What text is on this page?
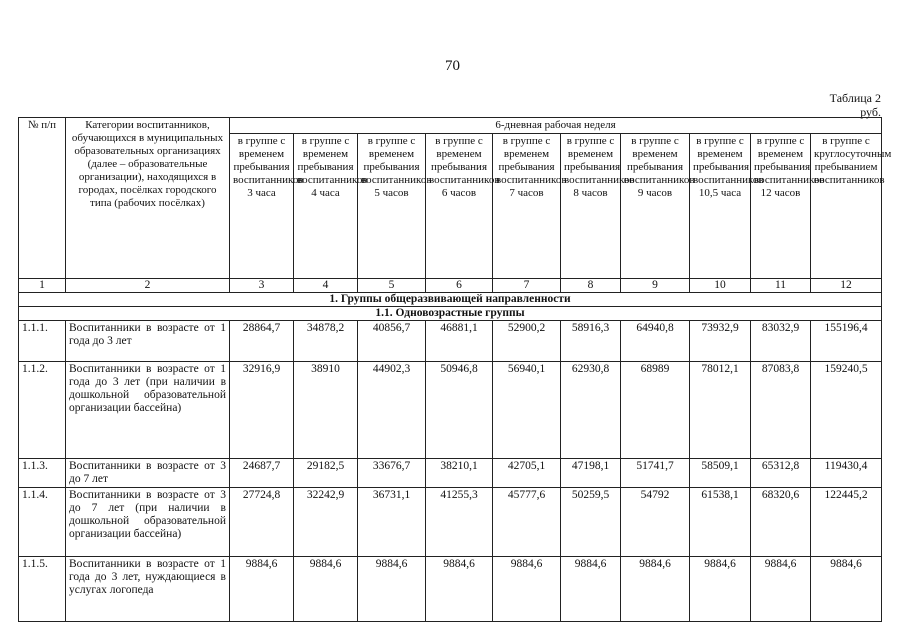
70
Таблица 2
руб.
№ п/п	Категории воспитанников, обучающихся в муниципальных образовательных организациях (далее – образовательные организации), находящихся в городах, посёлках городского типа (рабочих посёлках)	6-дневная рабочая неделя									
		в группе с временем пребывания воспитанников 3 часа	в группе с временем пребывания воспитанников 4 часа	в группе с временем пребывания воспитанников 5 часов	в группе с временем пребывания воспитанников 6 часов	в группе с временем пребывания воспитанников 7 часов	в группе с временем пребывания воспитанников 8 часов	в группе с временем пребывания воспитанников 9 часов	в группе с временем пребывания воспитанников 10,5 часа	в группе с временем пребывания воспитанников 12 часов	в группе с круглосуточным пребыванием воспитанников
1	2	3	4	5	6	7	8	9	10	11	12
1. Группы общеразвивающей направленности											
1.1. Одновозрастные группы											
1.1.1.	Воспитанники в возрасте от 1 года до 3 лет	28864,7	34878,2	40856,7	46881,1	52900,2	58916,3	64940,8	73932,9	83032,9	155196,4
1.1.2.	Воспитанники в возрасте от 1 года до 3 лет (при наличии в дошкольной образовательной организации бассейна)	32916,9	38910	44902,3	50946,8	56940,1	62930,8	68989	78012,1	87083,8	159240,5
1.1.3.	Воспитанники в возрасте от 3 до 7 лет	24687,7	29182,5	33676,7	38210,1	42705,1	47198,1	51741,7	58509,1	65312,8	119430,4
1.1.4.	Воспитанники в возрасте от 3 до 7 лет (при наличии в дошкольной образовательной организации бассейна)	27724,8	32242,9	36731,1	41255,3	45777,6	50259,5	54792	61538,1	68320,6	122445,2
1.1.5.	Воспитанники в возрасте от 1 года до 3 лет, нуждающиеся в услугах логопеда	9884,6	9884,6	9884,6	9884,6	9884,6	9884,6	9884,6	9884,6	9884,6	9884,6
